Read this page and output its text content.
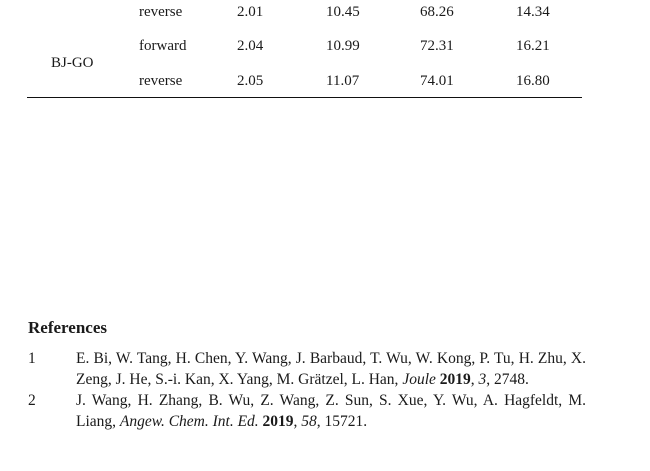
reverse	2.01	10.45	68.26	14.34
BJ-GO
forward	2.04	10.99	72.31	16.21
reverse	2.05	11.07	74.01	16.80
References
1	E. Bi, W. Tang, H. Chen, Y. Wang, J. Barbaud, T. Wu, W. Kong, P. Tu, H. Zhu, X. Zeng, J. He, S.-i. Kan, X. Yang, M. Grätzel, L. Han, Joule 2019, 3, 2748.
2	J. Wang, H. Zhang, B. Wu, Z. Wang, Z. Sun, S. Xue, Y. Wu, A. Hagfeldt, M. Liang, Angew. Chem. Int. Ed. 2019, 58, 15721.
